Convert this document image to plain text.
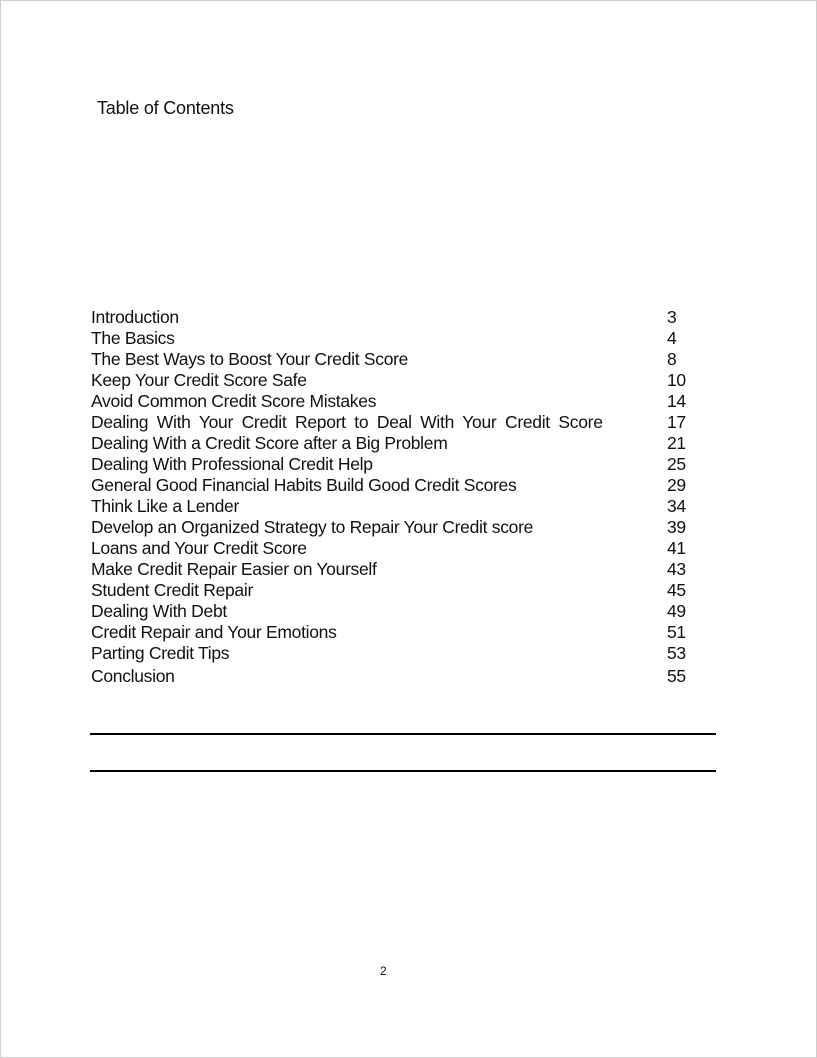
Table of Contents
Introduction	3
The Basics	4
The Best Ways to Boost Your Credit Score	8
Keep Your Credit Score Safe	10
Avoid Common Credit Score Mistakes	14
Dealing With Your Credit Report to Deal With Your Credit Score	17
Dealing With a Credit Score after a Big Problem	21
Dealing With Professional Credit Help	25
General Good Financial Habits Build Good Credit Scores	29
Think Like a Lender	34
Develop an Organized Strategy to Repair Your Credit score	39
Loans and Your Credit Score	41
Make Credit Repair Easier on Yourself	43
Student Credit Repair	45
Dealing With Debt	49
Credit Repair and Your Emotions	51
Parting Credit Tips	53
Conclusion	55
2
